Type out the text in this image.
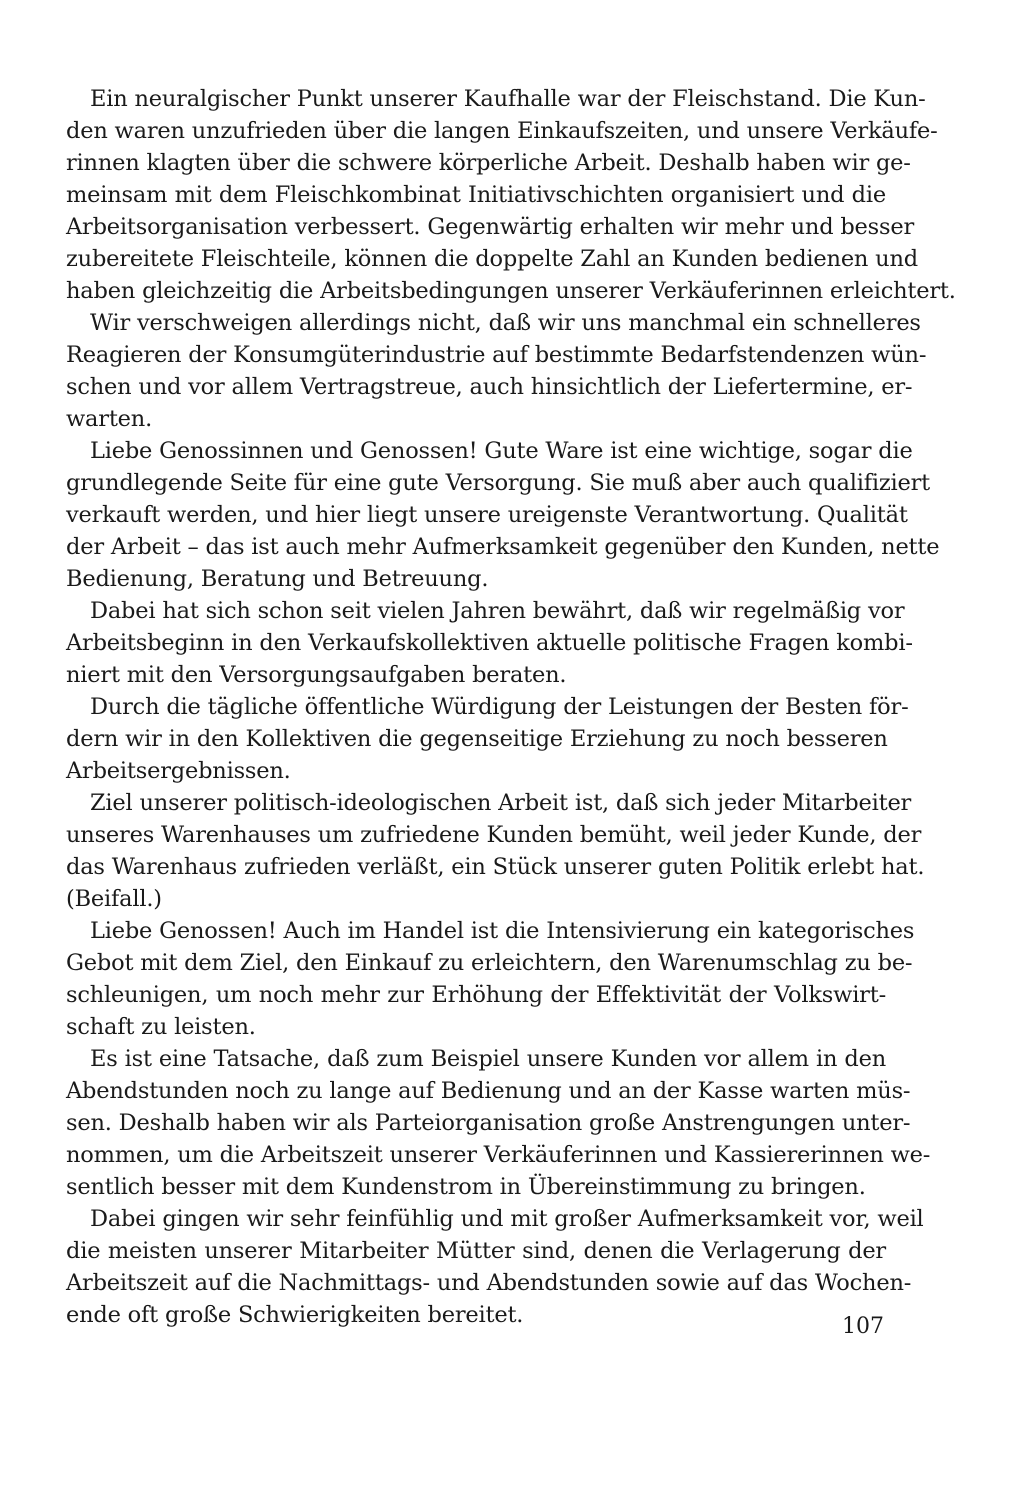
Ein neuralgischer Punkt unserer Kaufhalle war der Fleischstand. Die Kun-
den waren unzufrieden über die langen Einkaufszeiten, und unsere Verkäufe-
rinnen klagten über die schwere körperliche Arbeit. Deshalb haben wir ge-
meinsam mit dem Fleischkombinat Initiativschichten organisiert und die
Arbeitsorganisation verbessert. Gegenwärtig erhalten wir mehr und besser
zubereitete Fleischteile, können die doppelte Zahl an Kunden bedienen und
haben gleichzeitig die Arbeitsbedingungen unserer Verkäuferinnen erleichtert.
Wir verschweigen allerdings nicht, daß wir uns manchmal ein schnelleres
Reagieren der Konsumgüterindustrie auf bestimmte Bedarfstendenzen wün-
schen und vor allem Vertragstreue, auch hinsichtlich der Liefertermine, er-
warten.
Liebe Genossinnen und Genossen! Gute Ware ist eine wichtige, sogar die
grundlegende Seite für eine gute Versorgung. Sie muß aber auch qualifiziert
verkauft werden, und hier liegt unsere ureigenste Verantwortung. Qualität
der Arbeit – das ist auch mehr Aufmerksamkeit gegenüber den Kunden, nette
Bedienung, Beratung und Betreuung.
Dabei hat sich schon seit vielen Jahren bewährt, daß wir regelmäßig vor
Arbeitsbeginn in den Verkaufskollektiven aktuelle politische Fragen kombi-
niert mit den Versorgungsaufgaben beraten.
Durch die tägliche öffentliche Würdigung der Leistungen der Besten för-
dern wir in den Kollektiven die gegenseitige Erziehung zu noch besseren
Arbeitsergebnissen.
Ziel unserer politisch-ideologischen Arbeit ist, daß sich jeder Mitarbeiter
unseres Warenhauses um zufriedene Kunden bemüht, weil jeder Kunde, der
das Warenhaus zufrieden verläßt, ein Stück unserer guten Politik erlebt hat.
(Beifall.)
Liebe Genossen! Auch im Handel ist die Intensivierung ein kategorisches
Gebot mit dem Ziel, den Einkauf zu erleichtern, den Warenumschlag zu be-
schleunigen, um noch mehr zur Erhöhung der Effektivität der Volkswirt-
schaft zu leisten.
Es ist eine Tatsache, daß zum Beispiel unsere Kunden vor allem in den
Abendstunden noch zu lange auf Bedienung und an der Kasse warten müs-
sen. Deshalb haben wir als Parteiorganisation große Anstrengungen unter-
nommen, um die Arbeitszeit unserer Verkäuferinnen und Kassiererinnen we-
sentlich besser mit dem Kundenstrom in Übereinstimmung zu bringen.
Dabei gingen wir sehr feinfühlig und mit großer Aufmerksamkeit vor, weil
die meisten unserer Mitarbeiter Mütter sind, denen die Verlagerung der
Arbeitszeit auf die Nachmittags- und Abendstunden sowie auf das Wochen-
ende oft große Schwierigkeiten bereitet.	107
